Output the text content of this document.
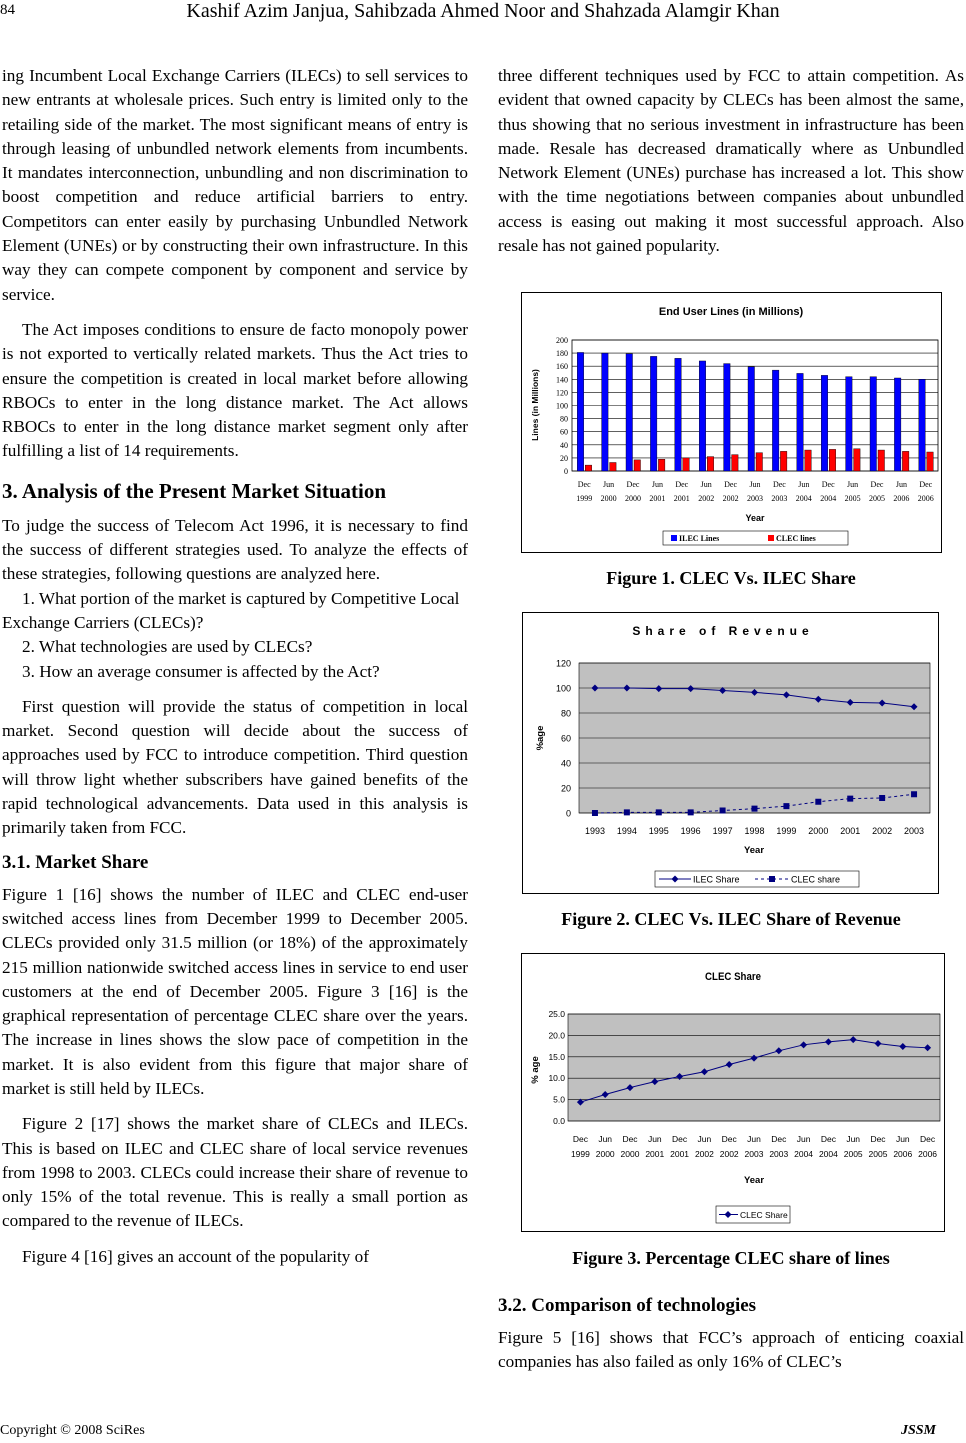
84	Kashif Azim Janjua, Sahibzada Ahmed Noor and Shahzada Alamgir Khan

ing Incumbent Local Exchange Carriers (ILECs) to sell services to new entrants at wholesale prices. Such entry is limited only to the retailing side of the market. The most significant means of entry is through leasing of unbundled network elements from incumbents. It mandates interconnection, unbundling and non discrimination to boost competition and reduce artificial barriers to entry. Competitors can enter easily by purchasing Unbundled Network Element (UNEs) or by constructing their own infrastructure. In this way they can compete component by component and service by service.

The Act imposes conditions to ensure de facto monopoly power is not exported to vertically related markets. Thus the Act tries to ensure the competition is created in local market before allowing RBOCs to enter in the long distance market. The Act allows RBOCs to enter in the long distance market segment only after fulfilling a list of 14 requirements.

3. Analysis of the Present Market Situation

To judge the success of Telecom Act 1996, it is necessary to find the success of different strategies used. To analyze the effects of these strategies, following questions are analyzed here.

1. What portion of the market is captured by Competitive Local Exchange Carriers (CLECs)?

2. What technologies are used by CLECs?

3. How an average consumer is affected by the Act?

First question will provide the status of competition in local market. Second question will decide about the success of approaches used by FCC to introduce competition. Third question will throw light whether subscribers have gained benefits of the rapid technological advancements. Data used in this analysis is primarily taken from FCC.

3.1. Market Share

Figure 1 [16] shows the number of ILEC and CLEC end-user switched access lines from December 1999 to December 2005. CLECs provided only 31.5 million (or 18%) of the approximately 215 million nationwide switched access lines in service to end user customers at the end of December 2005. Figure 3 [16] is the graphical representation of percentage CLEC share over the years. The increase in lines shows the slow pace of competition in the market. It is also evident from this figure that major share of market is still held by ILECs.

Figure 2 [17] shows the market share of CLECs and ILECs. This is based on ILEC and CLEC share of local service revenues from 1998 to 2003. CLECs could increase their share of revenue to only 15% of the total revenue. This is really a small portion as compared to the revenue of ILECs.

Figure 4 [16] gives an account of the popularity of

three different techniques used by FCC to attain competition. As evident that owned capacity by CLECs has been almost the same, thus showing that no serious investment in infrastructure has been made. Resale has decreased dramatically where as Unbundled Network Element (UNEs) purchase has increased a lot. This show with the time negotiations between companies about unbundled access is easing out making it most successful approach. Also resale has not gained popularity.

End User Lines (in Millions)
0
20
40
60
80
100
120
140
160
180
200
Lines (in Millions)
Dec
1999
Jun
2000
Dec
2000
Jun
2001
Dec
2001
Jun
2002
Dec
2002
Jun
2003
Dec
2003
Jun
2004
Dec
2004
Jun
2005
Dec
2005
Jun
2006
Dec
2006
Year
ILEC Lines	CLEC lines
Figure 1. CLEC Vs. ILEC Share
Share of Revenue
0
20
40
60
80
100
120
%age
1993 1994 1995 1996 1997 1998 1999 2000 2001 2002 2003
Year
ILEC Share	CLEC share
Figure 2. CLEC Vs. ILEC Share of Revenue
CLEC Share
0.0
5.0
10.0
15.0
20.0
25.0
% age
Dec
1999
Jun
2000
Dec
2000
Jun
2001
Dec
2001
Jun
2002
Dec
2002
Jun
2003
Dec
2003
Jun
2004
Dec
2004
Jun
2005
Dec
2005
Jun
2006
Dec
2006
Year
CLEC Share
Figure 3. Percentage CLEC share of lines
3.2. Comparison of technologies

Figure 5 [16] shows that FCC’s approach of enticing coaxial companies has also failed as only 16% of CLEC’s

Copyright © 2008 SciRes	JSSM
